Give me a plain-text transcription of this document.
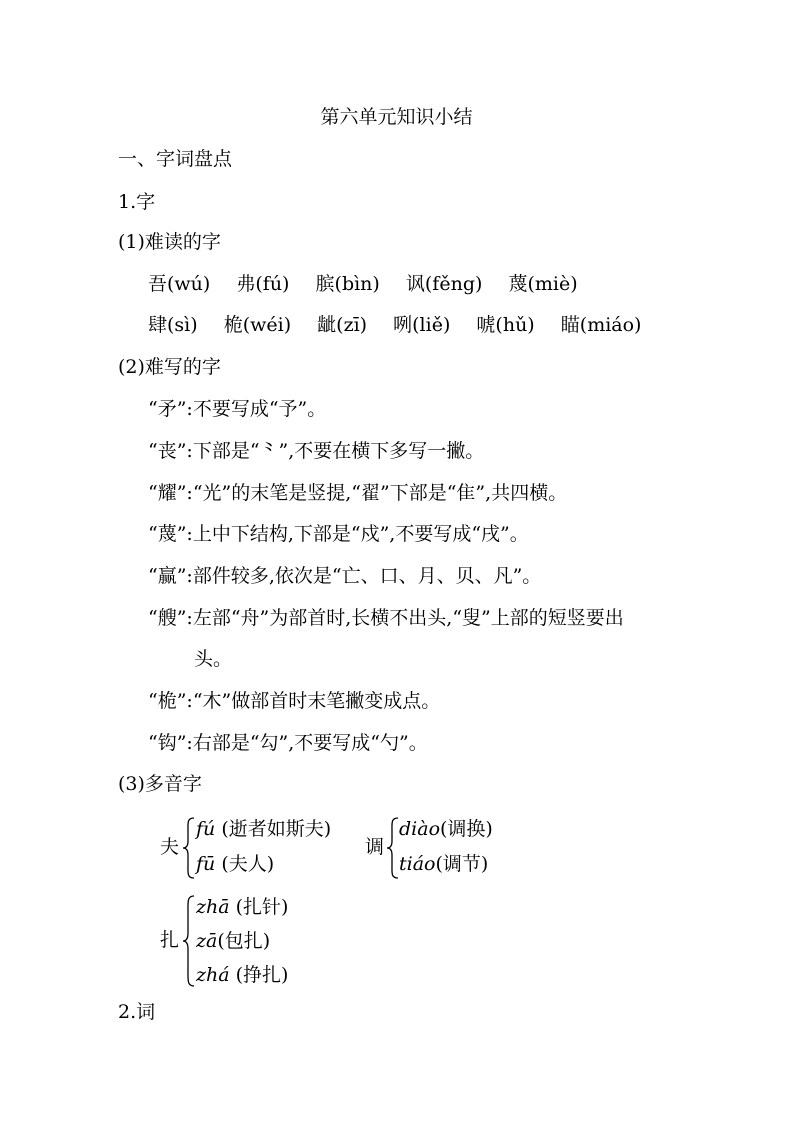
第六单元知识小结
一、字词盘点
1.字
(1)难读的字
吾(wú) 弗(fú) 膑(bìn) 讽(fěng) 蔑(miè)
肆(sì) 桅(wéi) 龇(zī) 咧(liě) 唬(hǔ) 瞄(miáo)
(2)难写的字
“矛”:不要写成“予”。
“丧”:下部是“⺀”,不要在横下多写一撇。
“耀”:“光”的末笔是竖提,“翟”下部是“隹”,共四横。
“蔑”:上中下结构,下部是“戍”,不要写成“戌”。
“赢”:部件较多,依次是“亡、口、月、贝、凡”。
“艘”:左部“舟”为部首时,长横不出头,“叟”上部的短竖要出
头。
“桅”:“木”做部首时末笔撇变成点。
“钩”:右部是“勾”,不要写成“勺”。
(3)多音字
夫
fú (逝者如斯夫)
fū (夫人)
调
diào(调换)
tiáo(调节)
扎
zhā (扎针)
zā(包扎)
zhá (挣扎)
2.词
